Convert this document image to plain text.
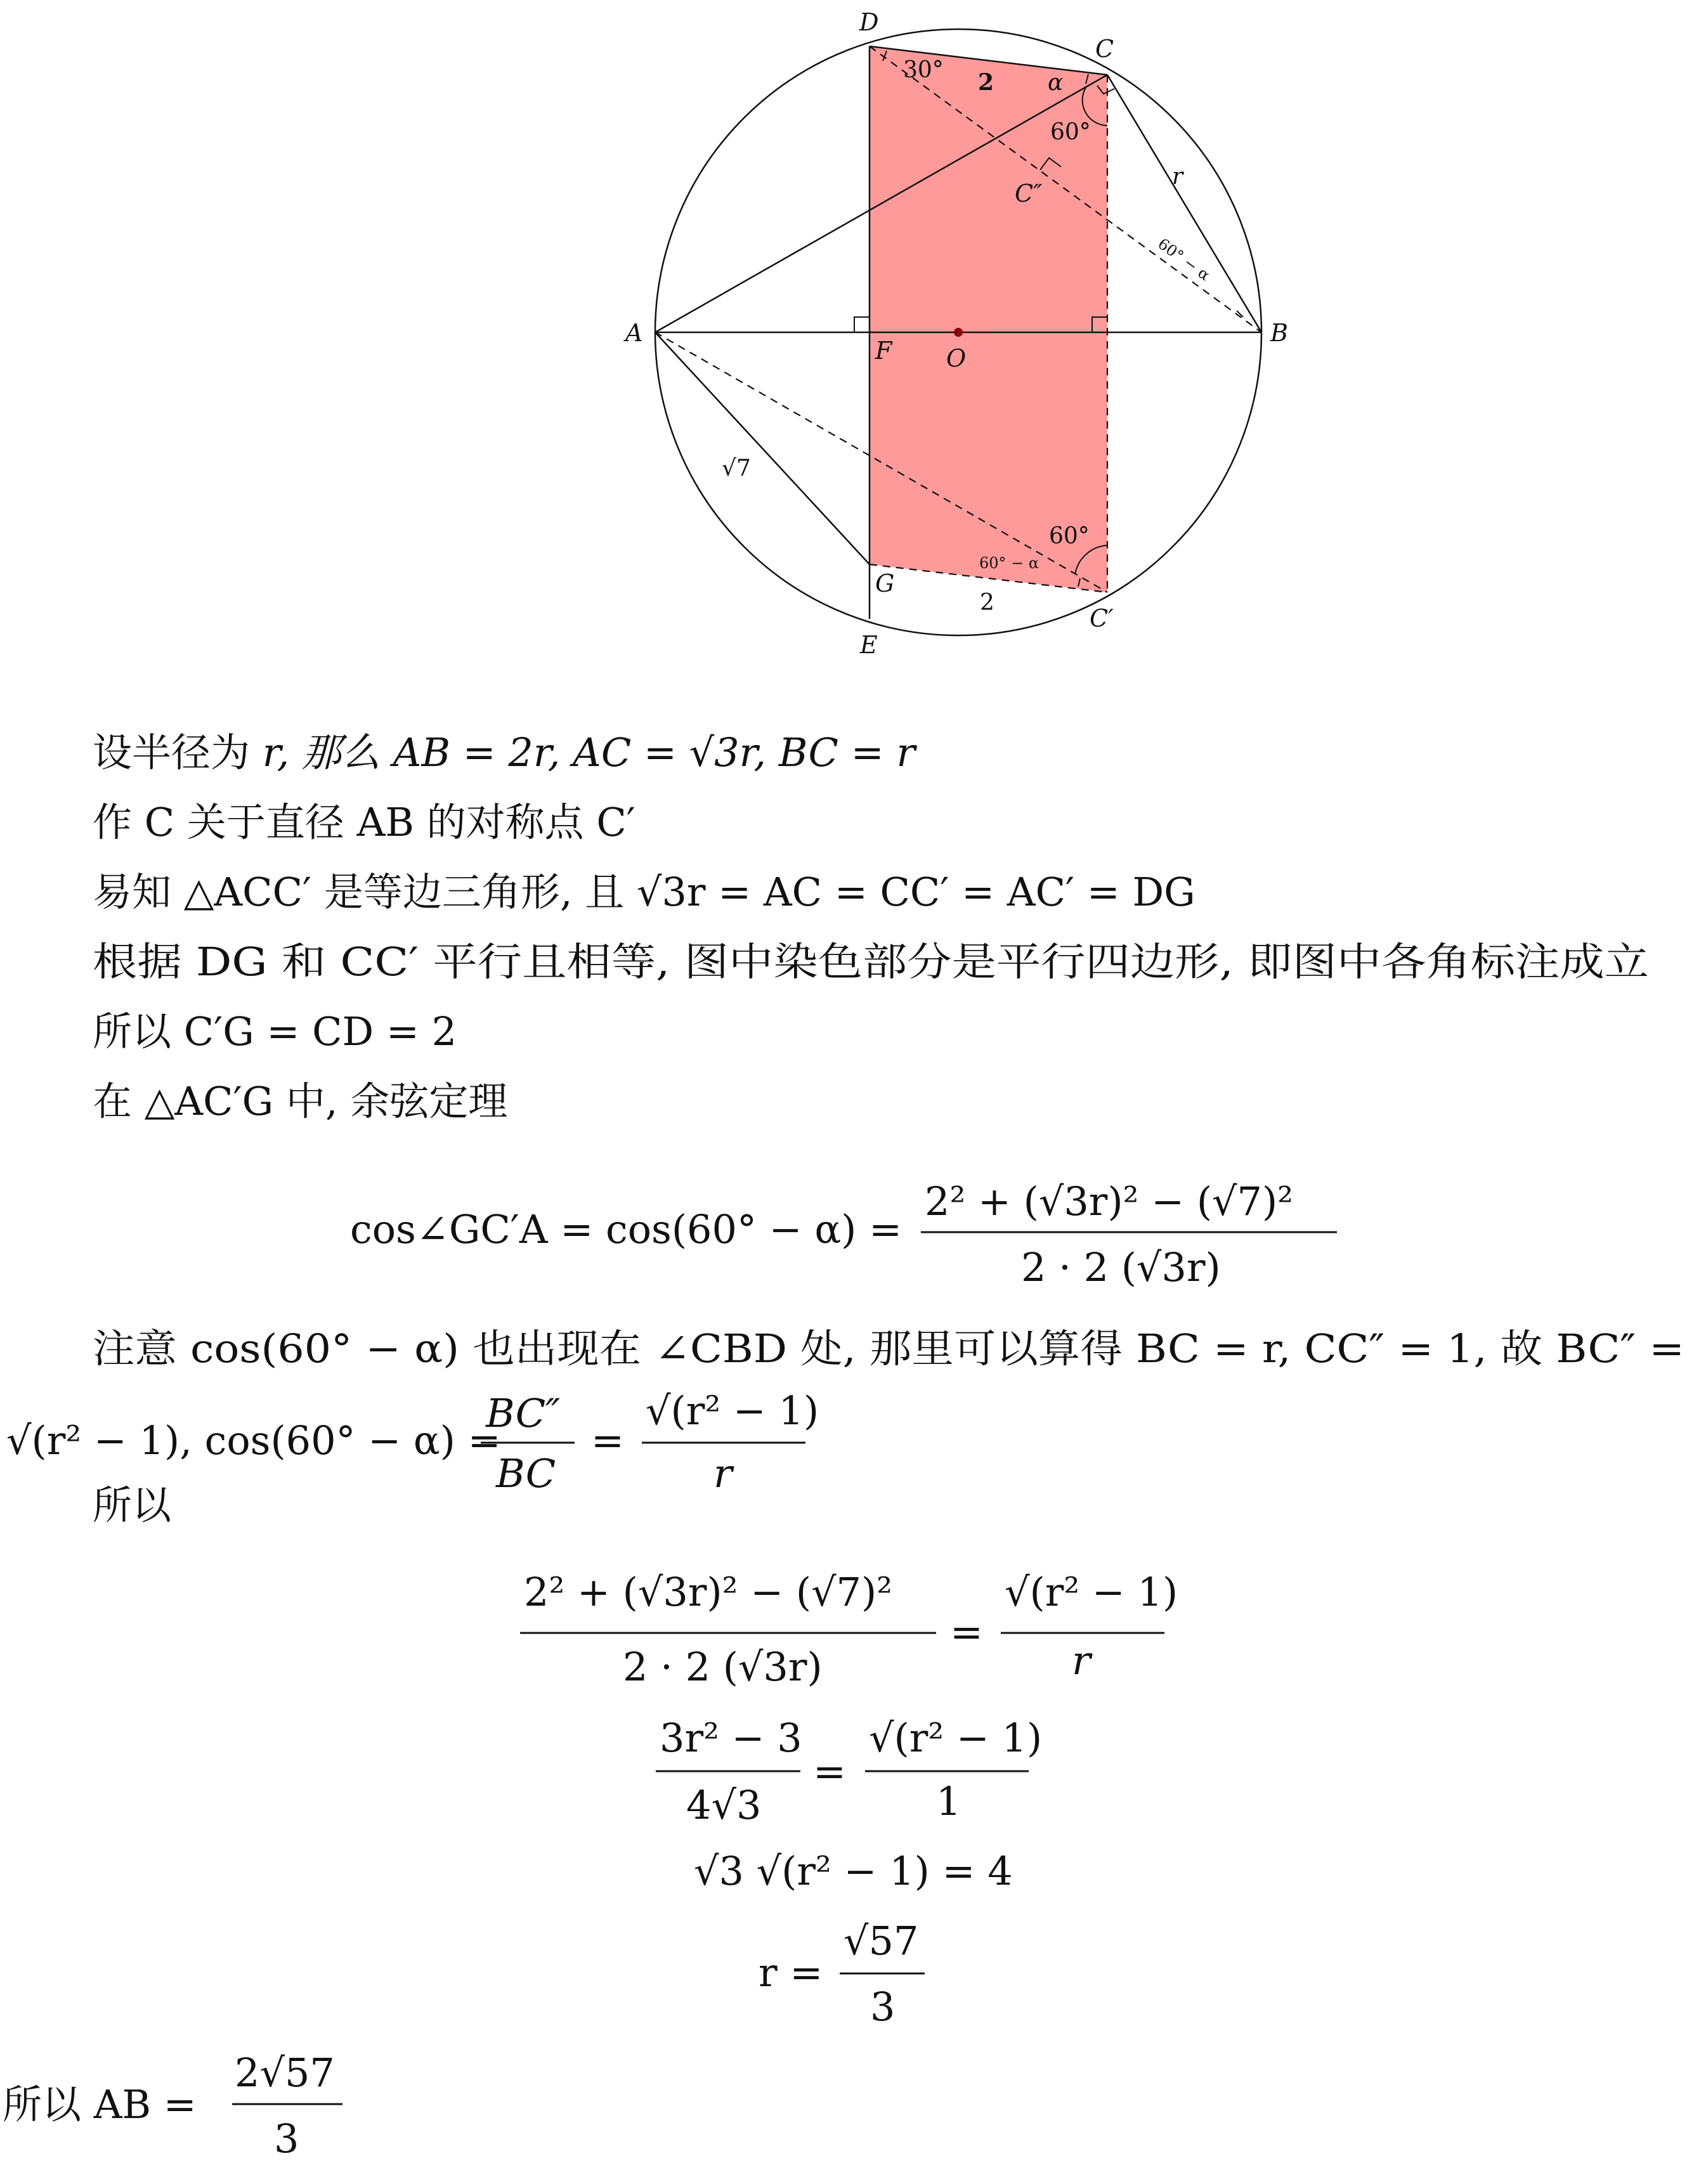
D
C
A	B
F O
G
E
C′
C″
30°	α
60°
60°
60° − α
60° − α
2
r
√7
2
设半径为 r, 那么 AB = 2r, AC = √3r, BC = r
作 C 关于直径 AB 的对称点 C′
易知 △ACC′ 是等边三角形, 且 √3r = AC = CC′ = AC′ = DG
根据 DG 和 CC′ 平行且相等, 图中染色部分是平行四边形, 即图中各角标注成立
所以 C′G = CD = 2
在 △AC′G 中, 余弦定理
cos∠GC′A = cos(60° − α) =
2² + (√3r)² − (√7)²
2 · 2 (√3r)
注意 cos(60° − α) 也出现在 ∠CBD 处, 那里可以算得 BC = r, CC″ = 1, 故 BC″ =
√(r² − 1), cos(60° − α) =
BC″
BC
=
√(r² − 1)
r
所以
2² + (√3r)² − (√7)²
2 · 2 (√3r)
=
√(r² − 1)
r
3r² − 3
4√3
=
√(r² − 1)
1
√3 √(r² − 1) = 4
r =
√57
3
所以 AB =
2√57
3
